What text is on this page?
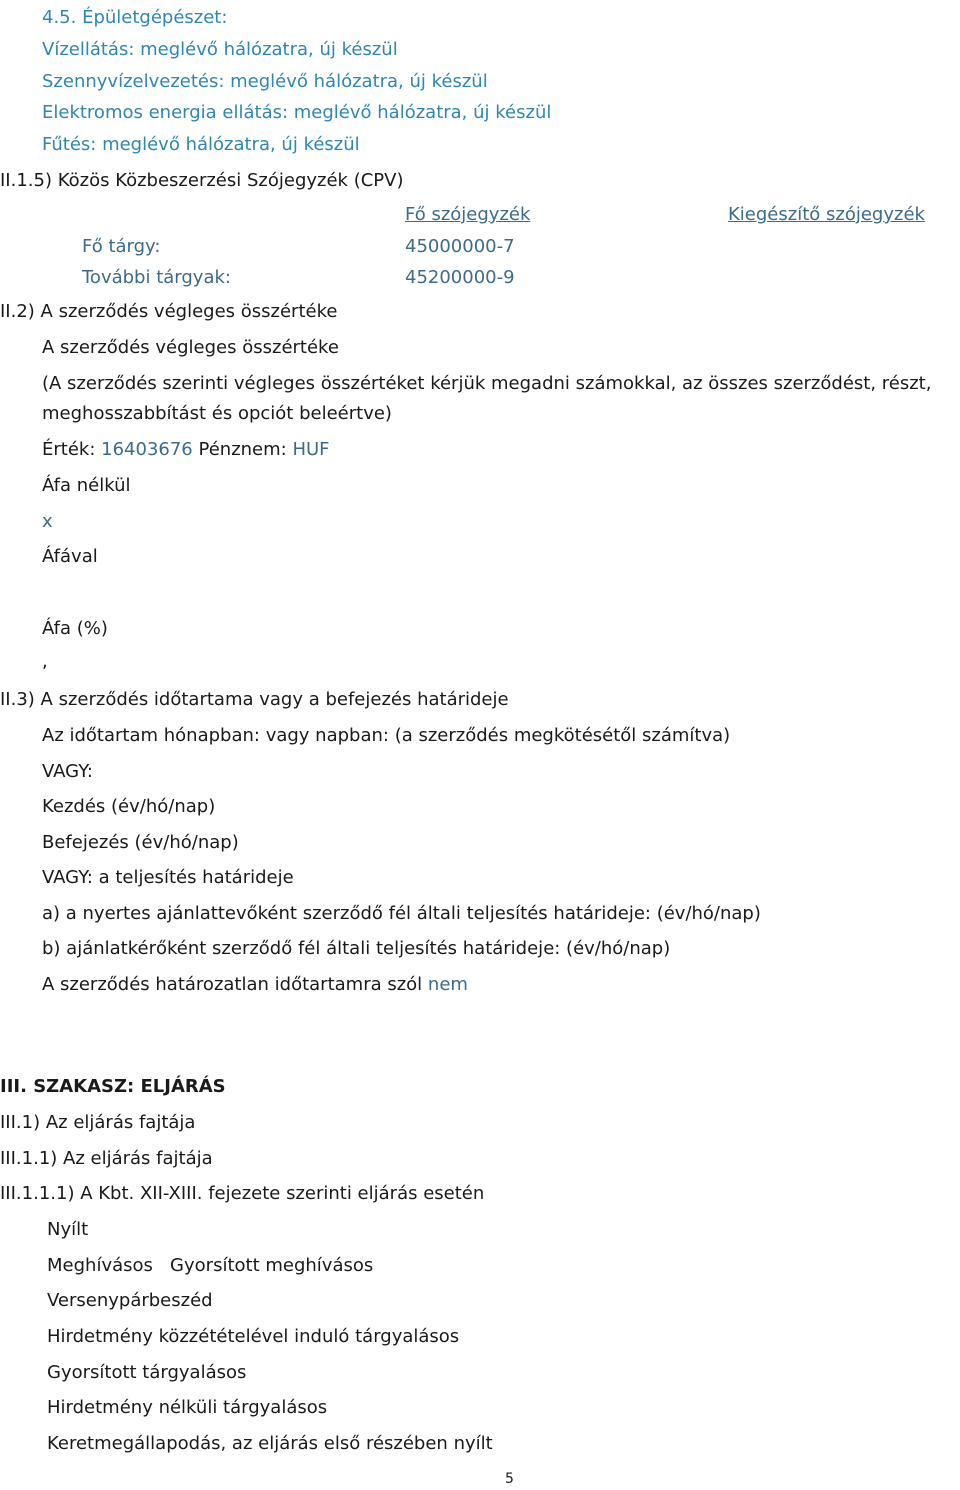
4.5. Épületgépészet:
Vízellátás: meglévő hálózatra, új készül
Szennyvízelvezetés: meglévő hálózatra, új készül
Elektromos energia ellátás: meglévő hálózatra, új készül
Fűtés: meglévő hálózatra, új készül
II.1.5) Közös Közbeszerzési Szójegyzék (CPV)
Fő szójegyzék	Kiegészítő szójegyzék
Fő tárgy:	45000000-7
További tárgyak:	45200000-9
II.2) A szerződés végleges összértéke
A szerződés végleges összértéke
(A szerződés szerinti végleges összértéket kérjük megadni számokkal, az összes szerződést, részt,
meghosszabbítást és opciót beleértve)
Érték: 16403676 Pénznem: HUF
Áfa nélkül
x
Áfával
Áfa (%)
,
II.3) A szerződés időtartama vagy a befejezés határideje
Az időtartam hónapban: vagy napban: (a szerződés megkötésétől számítva)
VAGY:
Kezdés (év/hó/nap)
Befejezés (év/hó/nap)
VAGY: a teljesítés határideje
a) a nyertes ajánlattevőként szerződő fél általi teljesítés határideje: (év/hó/nap)
b) ajánlatkérőként szerződő fél általi teljesítés határideje: (év/hó/nap)
A szerződés határozatlan időtartamra szól nem
III. SZAKASZ: ELJÁRÁS
III.1) Az eljárás fajtája
III.1.1) Az eljárás fajtája
III.1.1.1) A Kbt. XII-XIII. fejezete szerinti eljárás esetén
Nyílt
Meghívásos   Gyorsított meghívásos
Versenypárbeszéd
Hirdetmény közzétételével induló tárgyalásos
Gyorsított tárgyalásos
Hirdetmény nélküli tárgyalásos
Keretmegállapodás, az eljárás első részében nyílt
5
